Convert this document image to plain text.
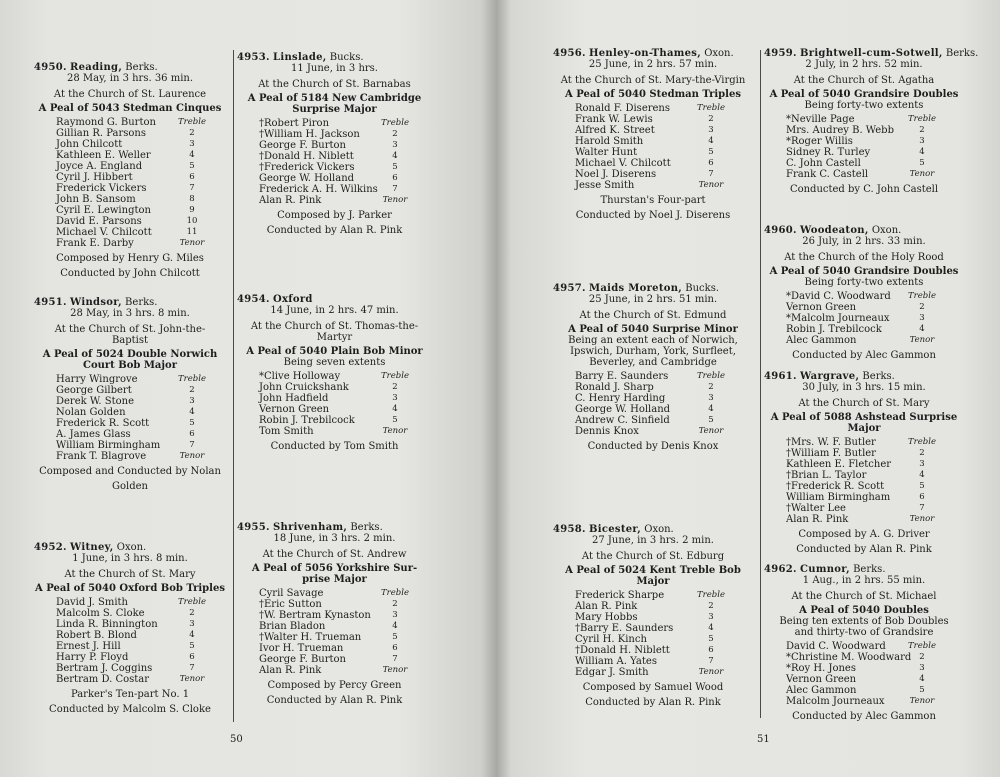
4950. Reading, Berks.
28 May, in 3 hrs. 36 min.
At the Church of St. Laurence
A Peal of 5043 Stedman Cinques
Raymond G. Burton	Treble
Gillian R. Parsons	2
John Chilcott	3
Kathleen E. Weller	4
Joyce A. England	5
Cyril J. Hibbert	6
Frederick Vickers	7
John B. Sansom	8
Cyril E. Lewington	9
David E. Parsons	10
Michael V. Chilcott	11
Frank E. Darby	Tenor
Composed by Henry G. Miles
Conducted by John Chilcott
4951. Windsor, Berks.
28 May, in 3 hrs. 8 min.
At the Church of St. John-the-
Baptist
A Peal of 5024 Double Norwich
Court Bob Major
Harry Wingrove	Treble
George Gilbert	2
Derek W. Stone	3
Nolan Golden	4
Frederick R. Scott	5
A. James Glass	6
William Birmingham	7
Frank T. Blagrove	Tenor
Composed and Conducted by Nolan
Golden
4952. Witney, Oxon.
1 June, in 3 hrs. 8 min.
At the Church of St. Mary
A Peal of 5040 Oxford Bob Triples
David J. Smith	Treble
Malcolm S. Cloke	2
Linda R. Binnington	3
Robert B. Blond	4
Ernest J. Hill	5
Harry P. Floyd	6
Bertram J. Coggins	7
Bertram D. Costar	Tenor
Parker's Ten-part No. 1
Conducted by Malcolm S. Cloke
4953. Linslade, Bucks.
11 June, in 3 hrs.
At the Church of St. Barnabas
A Peal of 5184 New Cambridge
Surprise Major
†Robert Piron	Treble
†William H. Jackson	2
George F. Burton	3
†Donald H. Niblett	4
†Frederick Vickers	5
George W. Holland	6
Frederick A. H. Wilkins	7
Alan R. Pink	Tenor
Composed by J. Parker
Conducted by Alan R. Pink
4954. Oxford
14 June, in 2 hrs. 47 min.
At the Church of St. Thomas-the-
Martyr
A Peal of 5040 Plain Bob Minor
Being seven extents
*Clive Holloway	Treble
John Cruickshank	2
John Hadfield	3
Vernon Green	4
Robin J. Trebilcock	5
Tom Smith	Tenor
Conducted by Tom Smith
4955. Shrivenham, Berks.
18 June, in 3 hrs. 2 min.
At the Church of St. Andrew
A Peal of 5056 Yorkshire Sur-
prise Major
Cyril Savage	Treble
†Eric Sutton	2
†W. Bertram Kynaston	3
Brian Bladon	4
†Walter H. Trueman	5
Ivor H. Trueman	6
George F. Burton	7
Alan R. Pink	Tenor
Composed by Percy Green
Conducted by Alan R. Pink
50
4956. Henley-on-Thames, Oxon.
25 June, in 2 hrs. 57 min.
At the Church of St. Mary-the-Virgin
A Peal of 5040 Stedman Triples
Ronald F. Diserens	Treble
Frank W. Lewis	2
Alfred K. Street	3
Harold Smith	4
Walter Hunt	5
Michael V. Chilcott	6
Noel J. Diserens	7
Jesse Smith	Tenor
Thurstan's Four-part
Conducted by Noel J. Diserens
4957. Maids Moreton, Bucks.
25 June, in 2 hrs. 51 min.
At the Church of St. Edmund
A Peal of 5040 Surprise Minor
Being an extent each of Norwich,
Ipswich, Durham, York, Surfleet,
Beverley, and Cambridge
Barry E. Saunders	Treble
Ronald J. Sharp	2
C. Henry Harding	3
George W. Holland	4
Andrew C. Sinfield	5
Dennis Knox	Tenor
Conducted by Denis Knox
4958. Bicester, Oxon.
27 June, in 3 hrs. 2 min.
At the Church of St. Edburg
A Peal of 5024 Kent Treble Bob
Major
Frederick Sharpe	Treble
Alan R. Pink	2
Mary Hobbs	3
†Barry E. Saunders	4
Cyril H. Kinch	5
†Donald H. Niblett	6
William A. Yates	7
Edgar J. Smith	Tenor
Composed by Samuel Wood
Conducted by Alan R. Pink
4959. Brightwell-cum-Sotwell, Berks.
2 July, in 2 hrs. 52 min.
At the Church of St. Agatha
A Peal of 5040 Grandsire Doubles
Being forty-two extents
*Neville Page	Treble
Mrs. Audrey B. Webb	2
*Roger Willis	3
Sidney R. Turley	4
C. John Castell	5
Frank C. Castell	Tenor
Conducted by C. John Castell
4960. Woodeaton, Oxon.
26 July, in 2 hrs. 33 min.
At the Church of the Holy Rood
A Peal of 5040 Grandsire Doubles
Being forty-two extents
*David C. Woodward	Treble
Vernon Green	2
*Malcolm Journeaux	3
Robin J. Trebilcock	4
Alec Gammon	Tenor
Conducted by Alec Gammon
4961. Wargrave, Berks.
30 July, in 3 hrs. 15 min.
At the Church of St. Mary
A Peal of 5088 Ashstead Surprise
Major
†Mrs. W. F. Butler	Treble
†William F. Butler	2
Kathleen E. Fletcher	3
†Brian L. Taylor	4
†Frederick R. Scott	5
William Birmingham	6
†Walter Lee	7
Alan R. Pink	Tenor
Composed by A. G. Driver
Conducted by Alan R. Pink
4962. Cumnor, Berks.
1 Aug., in 2 hrs. 55 min.
At the Church of St. Michael
A Peal of 5040 Doubles
Being ten extents of Bob Doubles
and thirty-two of Grandsire
David C. Woodward	Treble
*Christine M. Woodward 2
*Roy H. Jones	3
Vernon Green	4
Alec Gammon	5
Malcolm Journeaux	Tenor
Conducted by Alec Gammon
51
